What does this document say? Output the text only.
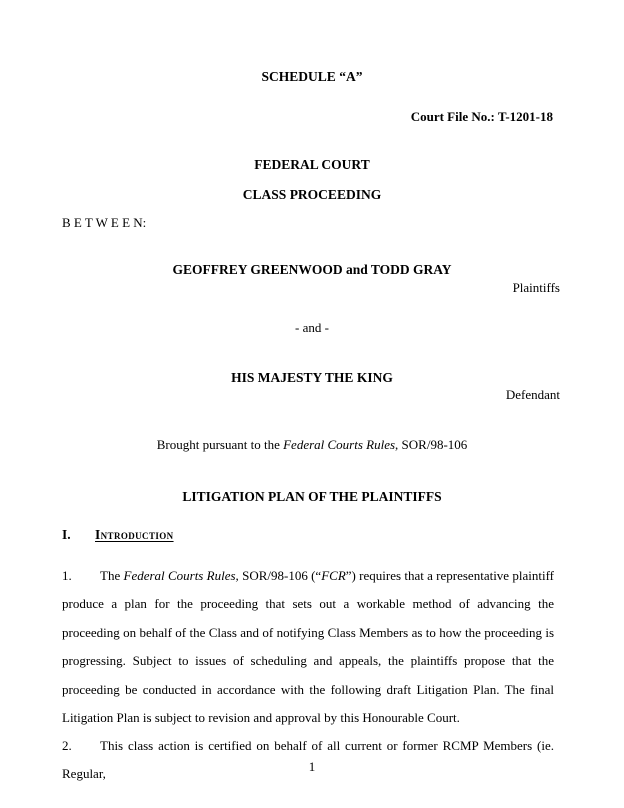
SCHEDULE “A”
Court File No.: T-1201-18
FEDERAL COURT
CLASS PROCEEDING
B E T W E E N:
GEOFFREY GREENWOOD and TODD GRAY
Plaintiffs
- and -
HIS MAJESTY THE KING
Defendant
Brought pursuant to the Federal Courts Rules, SOR/98-106
LITIGATION PLAN OF THE PLAINTIFFS
I. Introduction
1. The Federal Courts Rules, SOR/98-106 (“FCR”) requires that a representative plaintiff produce a plan for the proceeding that sets out a workable method of advancing the proceeding on behalf of the Class and of notifying Class Members as to how the proceeding is progressing. Subject to issues of scheduling and appeals, the plaintiffs propose that the proceeding be conducted in accordance with the following draft Litigation Plan. The final Litigation Plan is subject to revision and approval by this Honourable Court.
2. This class action is certified on behalf of all current or former RCMP Members (ie. Regular,	1
